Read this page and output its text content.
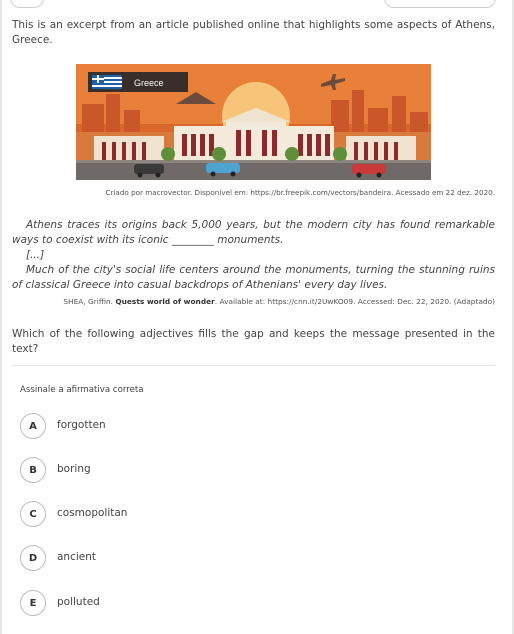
This is an excerpt from an article published online that highlights some aspects of Athens, Greece.
Greece
Criado por macrovector. Disponível em: https://br.freepik.com/vectors/bandeira. Acessado em 22 dez. 2020.

Athens traces its origins back 5,000 years, but the modern city has found remarkable ways to coexist with its iconic ________ monuments.

[...]

Much of the city's social life centers around the monuments, turning the stunning ruins of classical Greece into casual backdrops of Athenians' every day lives.

SHEA, Griffin. Quests world of wonder. Available at: https://cnn.it/2UwKO09. Accessed: Dec. 22, 2020. (Adaptado)
Which of the following adjectives fills the gap and keeps the message presented in the text?
Assinale a afirmativa correta
A	forgotten
B	boring
C	cosmopolitan
D	ancient
E	polluted
